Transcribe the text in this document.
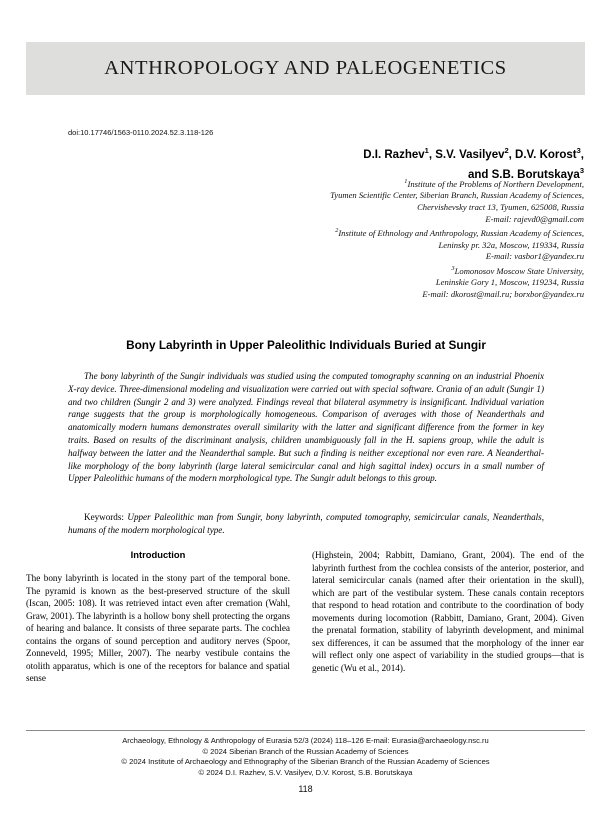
ANTHROPOLOGY AND PALEOGENETICS
doi:10.17746/1563-0110.2024.52.3.118-126
D.I. Razhev$^1$, S.V. Vasilyev$^2$, D.V. Korost$^3$,
and S.B. Borutskaya$^3$
$^1$Institute of the Problems of Northern Development,
Tyumen Scientific Center, Siberian Branch, Russian Academy of Sciences,
Chervishevsky tract 13, Tyumen, 625008, Russia
E-mail: rajevd0@gmail.com
$^2$Institute of Ethnology and Anthropology, Russian Academy of Sciences,
Leninsky pr. 32a, Moscow, 119334, Russia
E-mail: vasbor1@yandex.ru
$^3$Lomonosov Moscow State University,
Leninskie Gory 1, Moscow, 119234, Russia
E-mail: dkorost@mail.ru; borxbor@yandex.ru
Bony Labyrinth in Upper Paleolithic Individuals Buried at Sungir
The bony labyrinth of the Sungir individuals was studied using the computed tomography scanning on an industrial Phoenix X-ray device. Three-dimensional modeling and visualization were carried out with special software. Crania of an adult (Sungir 1) and two children (Sungir 2 and 3) were analyzed. Findings reveal that bilateral asymmetry is insignificant. Individual variation range suggests that the group is morphologically homogeneous. Comparison of averages with those of Neanderthals and anatomically modern humans demonstrates overall similarity with the latter and significant difference from the former in key traits. Based on results of the discriminant analysis, children unambiguously fall in the H. sapiens group, while the adult is halfway between the latter and the Neanderthal sample. But such a finding is neither exceptional nor even rare. A Neanderthal-like morphology of the bony labyrinth (large lateral semicircular canal and high sagittal index) occurs in a small number of Upper Paleolithic humans of the modern morphological type. The Sungir adult belongs to this group.
Keywords: Upper Paleolithic man from Sungir, bony labyrinth, computed tomography, semicircular canals, Neanderthals, humans of the modern morphological type.
Introduction

The bony labyrinth is located in the stony part of the temporal bone. The pyramid is known as the best-preserved structure of the skull (Iscan, 2005: 108). It was retrieved intact even after cremation (Wahl, Graw, 2001). The labyrinth is a hollow bony shell protecting the organs of hearing and balance. It consists of three separate parts. The cochlea contains the organs of sound perception and auditory nerves (Spoor, Zonneveld, 1995; Miller, 2007). The nearby vestibule contains the otolith apparatus, which is one of the receptors for balance and spatial sense

(Highstein, 2004; Rabbitt, Damiano, Grant, 2004). The end of the labyrinth furthest from the cochlea consists of the anterior, posterior, and lateral semicircular canals (named after their orientation in the skull), which are part of the vestibular system. These canals contain receptors that respond to head rotation and contribute to the coordination of body movements during locomotion (Rabbitt, Damiano, Grant, 2004). Given the prenatal formation, stability of labyrinth development, and minimal sex differences, it can be assumed that the morphology of the inner ear will reflect only one aspect of variability in the studied groups—that is genetic (Wu et al., 2014).

Archaeology, Ethnology & Anthropology of Eurasia 52/3 (2024) 118–126 E-mail: Eurasia@archaeology.nsc.ru
© 2024 Siberian Branch of the Russian Academy of Sciences
© 2024 Institute of Archaeology and Ethnography of the Siberian Branch of the Russian Academy of Sciences
© 2024 D.I. Razhev, S.V. Vasilyev, D.V. Korost, S.B. Borutskaya
118
